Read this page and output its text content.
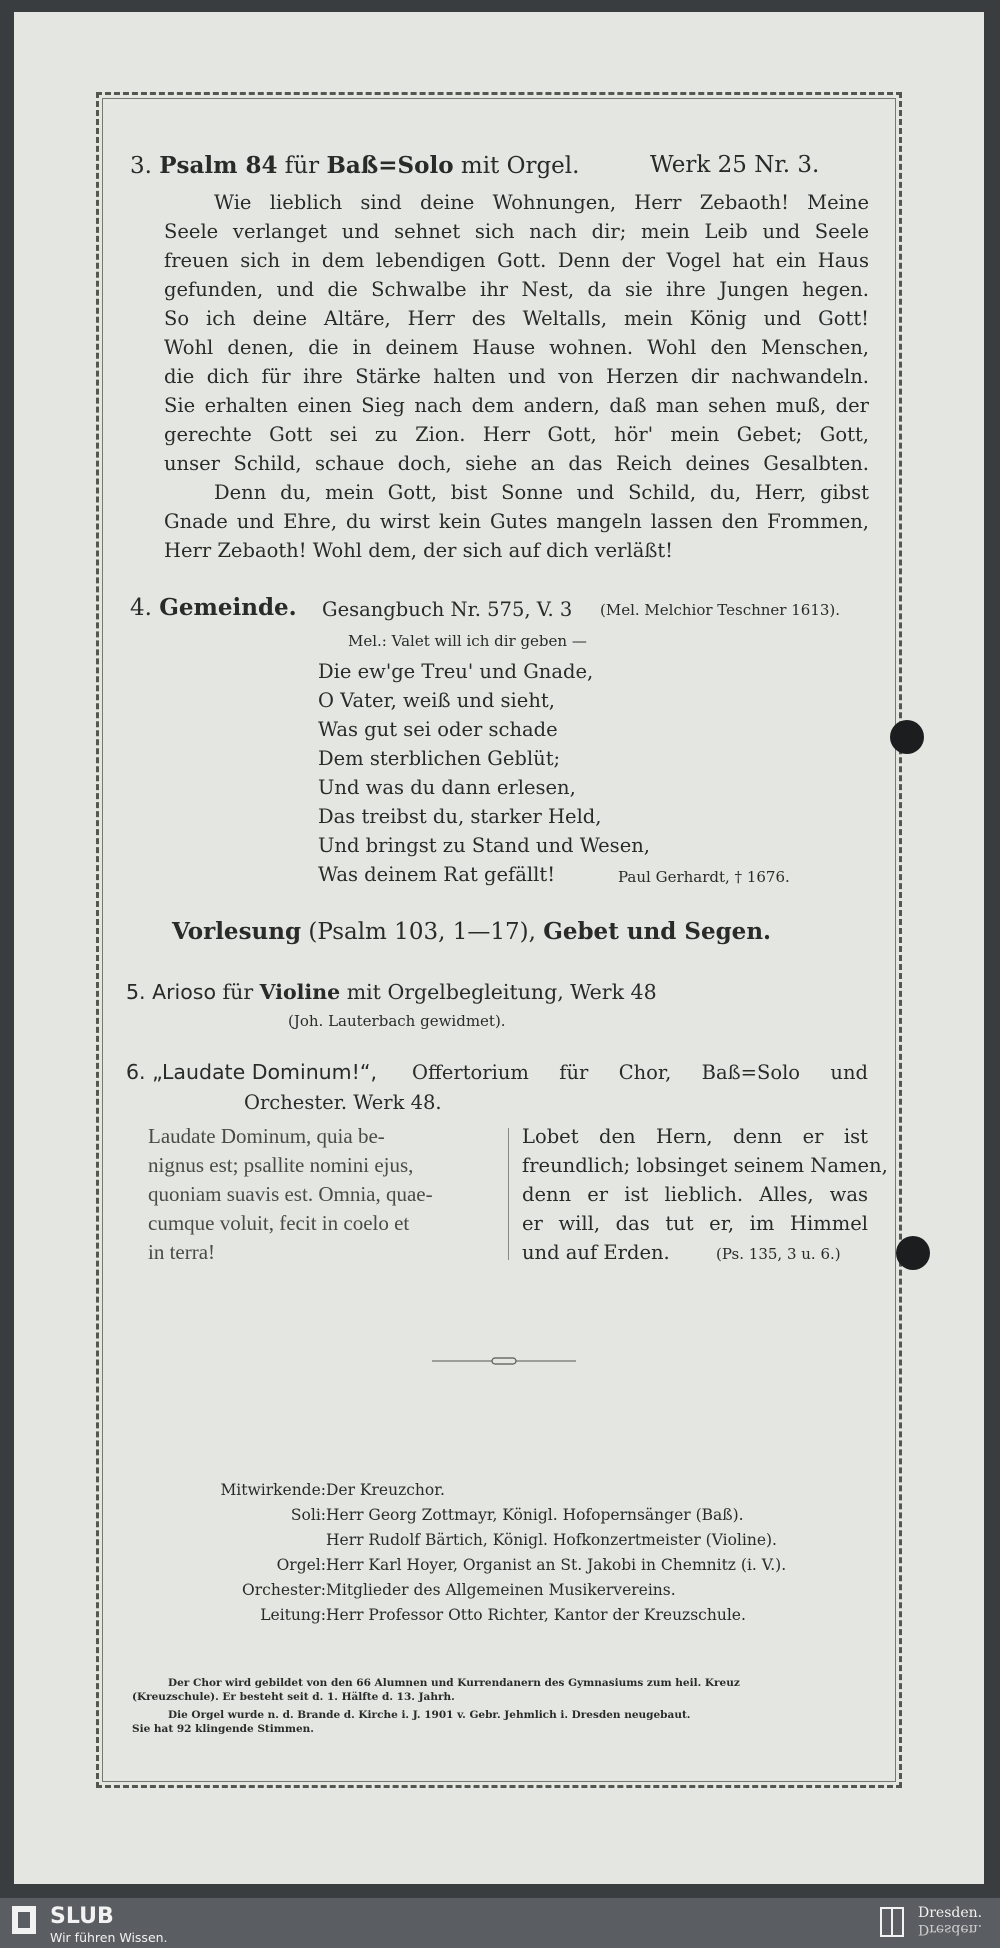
3. Psalm 84 für Baß=Solo mit Orgel.	Werk 25 Nr. 3.
Wie lieblich sind deine Wohnungen, Herr Zebaoth! Meine
Seele verlanget und sehnet sich nach dir; mein Leib und Seele
freuen sich in dem lebendigen Gott. Denn der Vogel hat ein Haus
gefunden, und die Schwalbe ihr Nest, da sie ihre Jungen hegen.
So ich deine Altäre, Herr des Weltalls, mein König und Gott!
Wohl denen, die in deinem Hause wohnen. Wohl den Menschen,
die dich für ihre Stärke halten und von Herzen dir nachwandeln.
Sie erhalten einen Sieg nach dem andern, daß man sehen muß, der
gerechte Gott sei zu Zion. Herr Gott, hör' mein Gebet; Gott,
unser Schild, schaue doch, siehe an das Reich deines Gesalbten.
Denn du, mein Gott, bist Sonne und Schild, du, Herr, gibst
Gnade und Ehre, du wirst kein Gutes mangeln lassen den Frommen,
Herr Zebaoth! Wohl dem, der sich auf dich verläßt!
4. Gemeinde. Gesangbuch Nr. 575, V. 3 (Mel. Melchior Teschner 1613).
Mel.: Valet will ich dir geben —
Die ew'ge Treu' und Gnade,
O Vater, weiß und sieht,
Was gut sei oder schade
Dem sterblichen Geblüt;
Und was du dann erlesen,
Das treibst du, starker Held,
Und bringst zu Stand und Wesen,
Was deinem Rat gefällt!	Paul Gerhardt, † 1676.
Vorlesung (Psalm 103, 1—17), Gebet und Segen.
5. Arioso für Violine mit Orgelbegleitung, Werk 48
(Joh. Lauterbach gewidmet).
6. „Laudate Dominum!“, Offertorium für Chor, Baß=Solo und
Orchester. Werk 48.
Laudate Dominum, quia be-
nignus est; psallite nomini ejus,
quoniam suavis est. Omnia, quae-
cumque voluit, fecit in coelo et
in terra!
Lobet den Hern, denn er ist
freundlich; lobsinget seinem Namen,
denn er ist lieblich. Alles, was
er will, das tut er, im Himmel
und auf Erden.	(Ps. 135, 3 u. 6.)
Mitwirkende: Der Kreuzchor.
Soli: Herr Georg Zottmayr, Königl. Hofopernsänger (Baß).
Herr Rudolf Bärtich, Königl. Hofkonzertmeister (Violine).
Orgel: Herr Karl Hoyer, Organist an St. Jakobi in Chemnitz (i. V.).
Orchester: Mitglieder des Allgemeinen Musikervereins.
Leitung: Herr Professor Otto Richter, Kantor der Kreuzschule.
Der Chor wird gebildet von den 66 Alumnen und Kurrendanern des Gymnasiums zum heil. Kreuz
(Kreuzschule). Er besteht seit d. 1. Hälfte d. 13. Jahrh.
Die Orgel wurde n. d. Brande d. Kirche i. J. 1901 v. Gebr. Jehmlich i. Dresden neugebaut.
Sie hat 92 klingende Stimmen.
SLUB
Wir führen Wissen.
Dresden.
Dresden.
